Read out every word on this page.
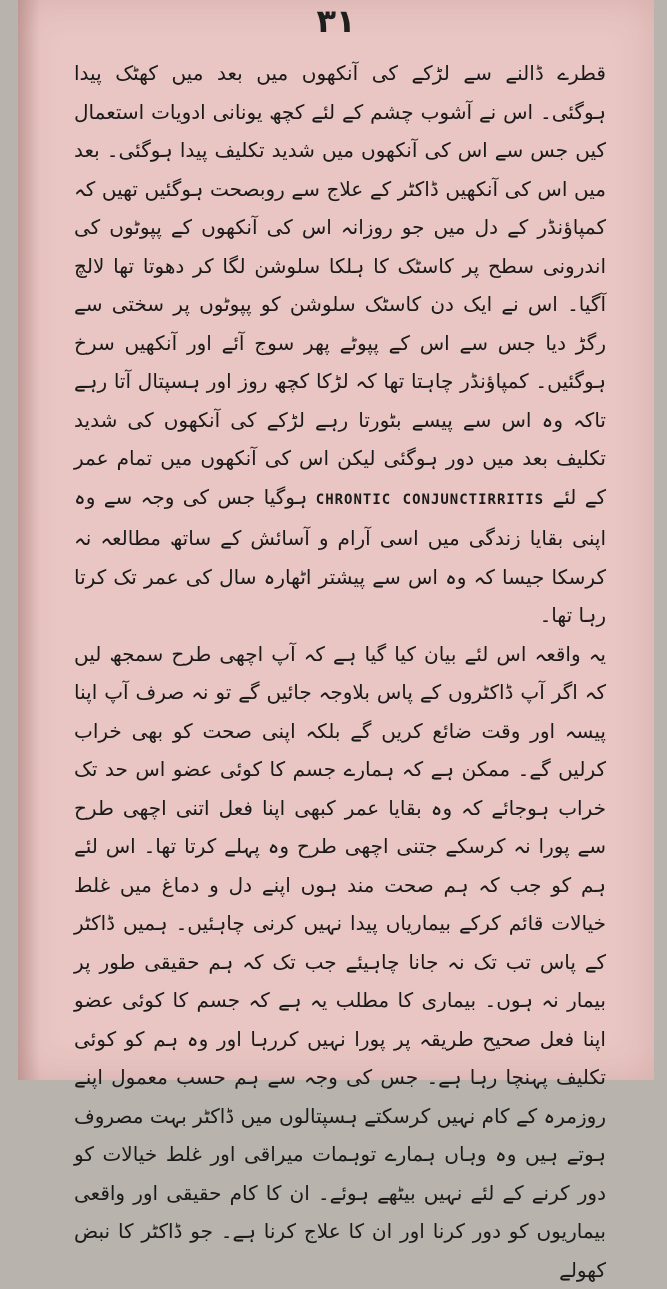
۳۱

قطرے ڈالنے سے لڑکے کی آنکھوں میں بعد میں کھٹک پیدا ہوگئی۔ اس نے آشوب چشم کے لئے کچھ یونانی ادویات استعمال کیں جس سے اس کی آنکھوں میں شدید تکلیف پیدا ہوگئی۔ بعد میں اس کی آنکھیں ڈاکٹر کے علاج سے روبصحت ہوگئیں تھیں کہ کمپاؤنڈر کے دل میں جو روزانہ اس کی آنکھوں کے پپوٹوں کی اندرونی سطح پر کاسٹک کا ہلکا سلوشن لگا کر دھوتا تھا لالچ آگیا۔ اس نے ایک دن کاسٹک سلوشن کو پپوٹوں پر سختی سے رگڑ دیا جس سے اس کے پپوٹے پھر سوج آئے اور آنکھیں سرخ ہوگئیں۔ کمپاؤنڈر چاہتا تھا کہ لڑکا کچھ روز اور ہسپتال آتا رہے تاکہ وہ اس سے پیسے بٹورتا رہے لڑکے کی آنکھوں کی شدید تکلیف بعد میں دور ہوگئی لیکن اس کی آنکھوں میں تمام عمر کے لئے CHRONTIC CONJUNCTIRRITIS ہوگیا جس کی وجہ سے وہ اپنی بقایا زندگی میں اسی آرام و آسائش کے ساتھ مطالعہ نہ کرسکا جیسا کہ وہ اس سے پیشتر اٹھارہ سال کی عمر تک کرتا رہا تھا۔

یہ واقعہ اس لئے بیان کیا گیا ہے کہ آپ اچھی طرح سمجھ لیں کہ اگر آپ ڈاکٹروں کے پاس بلاوجہ جائیں گے تو نہ صرف آپ اپنا پیسہ اور وقت ضائع کریں گے بلکہ اپنی صحت کو بھی خراب کرلیں گے۔ ممکن ہے کہ ہمارے جسم کا کوئی عضو اس حد تک خراب ہوجائے کہ وہ بقایا عمر کبھی اپنا فعل اتنی اچھی طرح سے پورا نہ کرسکے جتنی اچھی طرح وہ پہلے کرتا تھا۔ اس لئے ہم کو جب کہ ہم صحت مند ہوں اپنے دل و دماغ میں غلط خیالات قائم کرکے بیماریاں پیدا نہیں کرنی چاہئیں۔ ہمیں ڈاکٹر کے پاس تب تک نہ جانا چاہیئے جب تک کہ ہم حقیقی طور پر بیمار نہ ہوں۔ بیماری کا مطلب یہ ہے کہ جسم کا کوئی عضو اپنا فعل صحیح طریقہ پر پورا نہیں کررہا اور وہ ہم کو کوئی تکلیف پہنچا رہا ہے۔ جس کی وجہ سے ہم حسب معمول اپنے روزمرہ کے کام نہیں کرسکتے ہسپتالوں میں ڈاکٹر بہت مصروف ہوتے ہیں وہ وہاں ہمارے توہمات میراقی اور غلط خیالات کو دور کرنے کے لئے نہیں بیٹھے ہوئے۔ ان کا کام حقیقی اور واقعی بیماریوں کو دور کرنا اور ان کا علاج کرنا ہے۔ جو ڈاکٹر کا نبض کھولے
